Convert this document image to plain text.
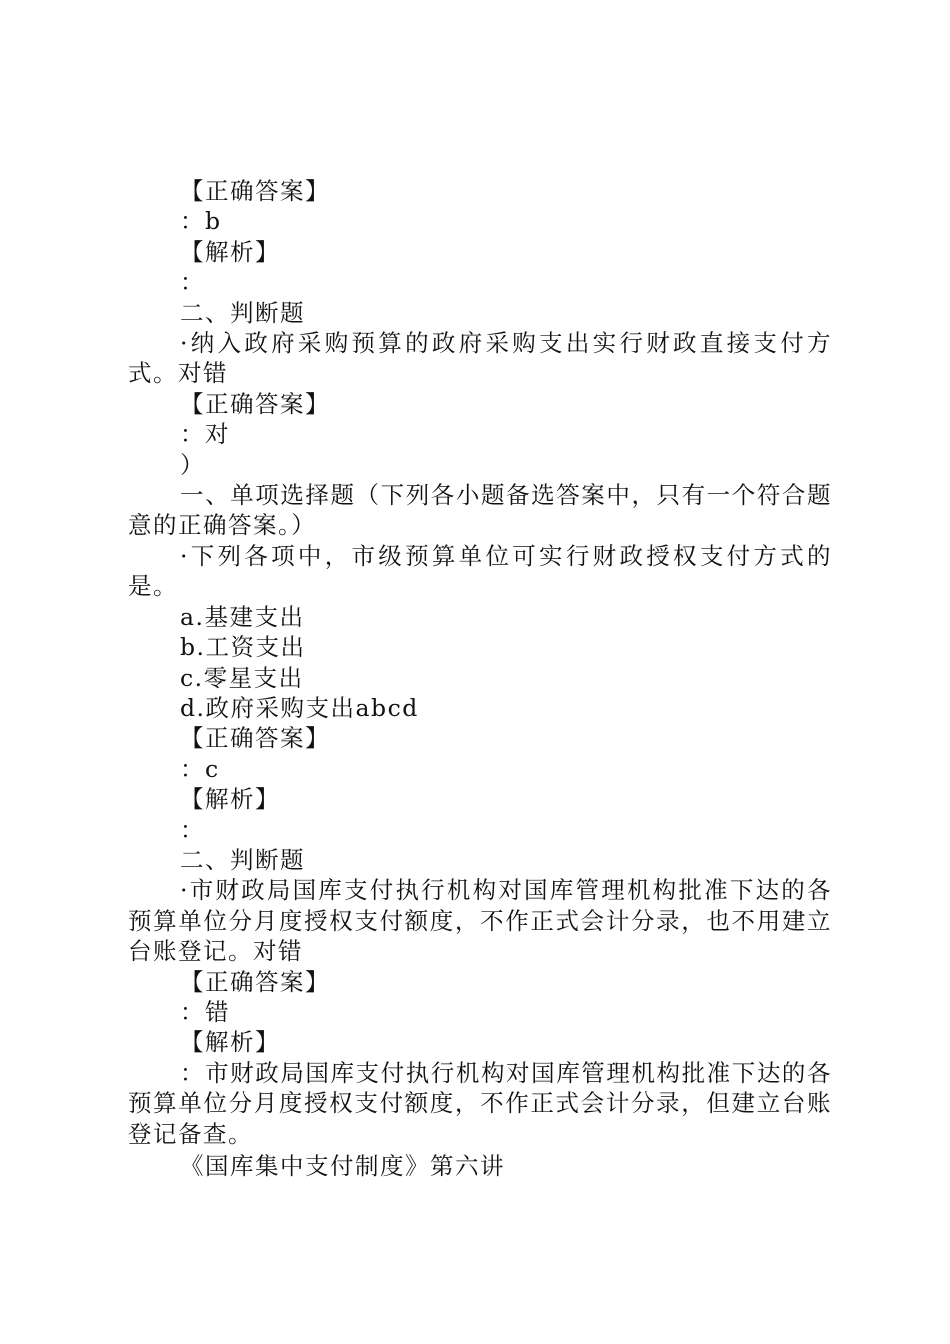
【正确答案】

：b

【解析】

：

二、判断题

·纳入政府采购预算的政府采购支出实行财政直接支付方式。对错

【正确答案】

：对

）

一、单项选择题（下列各小题备选答案中，只有一个符合题意的正确答案。）

·下列各项中，市级预算单位可实行财政授权支付方式的是。

a.基建支出

b.工资支出

c.零星支出

d.政府采购支出abcd

【正确答案】

：c

【解析】

：

二、判断题

·市财政局国库支付执行机构对国库管理机构批准下达的各预算单位分月度授权支付额度，不作正式会计分录，也不用建立台账登记。对错

【正确答案】

：错

【解析】

：市财政局国库支付执行机构对国库管理机构批准下达的各预算单位分月度授权支付额度，不作正式会计分录，但建立台账登记备查。

《国库集中支付制度》第六讲
